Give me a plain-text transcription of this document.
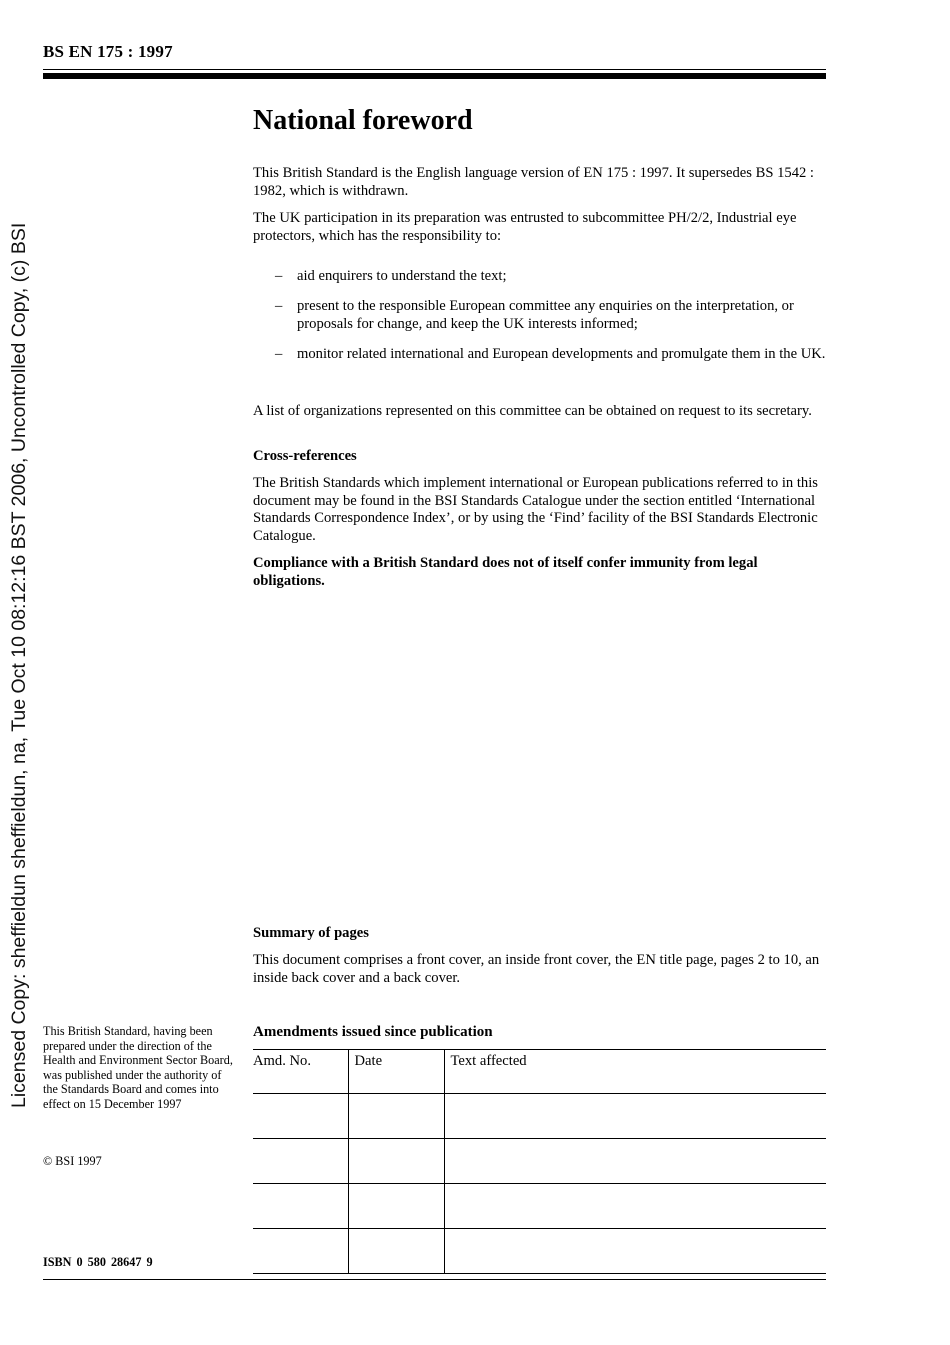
BS EN 175 : 1997
Licensed Copy: sheffieldun sheffieldun, na, Tue Oct 10 08:12:16 BST 2006, Uncontrolled Copy, (c) BSI
National foreword

This British Standard is the English language version of EN 175 : 1997. It supersedes BS 1542 : 1982, which is withdrawn.

The UK participation in its preparation was entrusted to subcommittee PH/2/2, Industrial eye protectors, which has the responsibility to:

– aid enquirers to understand the text;
– present to the responsible European committee any enquiries on the interpretation, or proposals for change, and keep the UK interests informed;
– monitor related international and European developments and promulgate them in the UK.

A list of organizations represented on this committee can be obtained on request to its secretary.

Cross-references

The British Standards which implement international or European publications referred to in this document may be found in the BSI Standards Catalogue under the section entitled ‘International Standards Correspondence Index’, or by using the ‘Find’ facility of the BSI Standards Electronic Catalogue.

Compliance with a British Standard does not of itself confer immunity from legal obligations.

Summary of pages

This document comprises a front cover, an inside front cover, the EN title page, pages 2 to 10, an inside back cover and a back cover.

This British Standard, having been prepared under the direction of the Health and Environment Sector Board, was published under the authority of the Standards Board and comes into effect on 15 December 1997

© BSI 1997
ISBN 0 580 28647 9

Amendments issued since publication

Amd. No.	Date	Text affected
